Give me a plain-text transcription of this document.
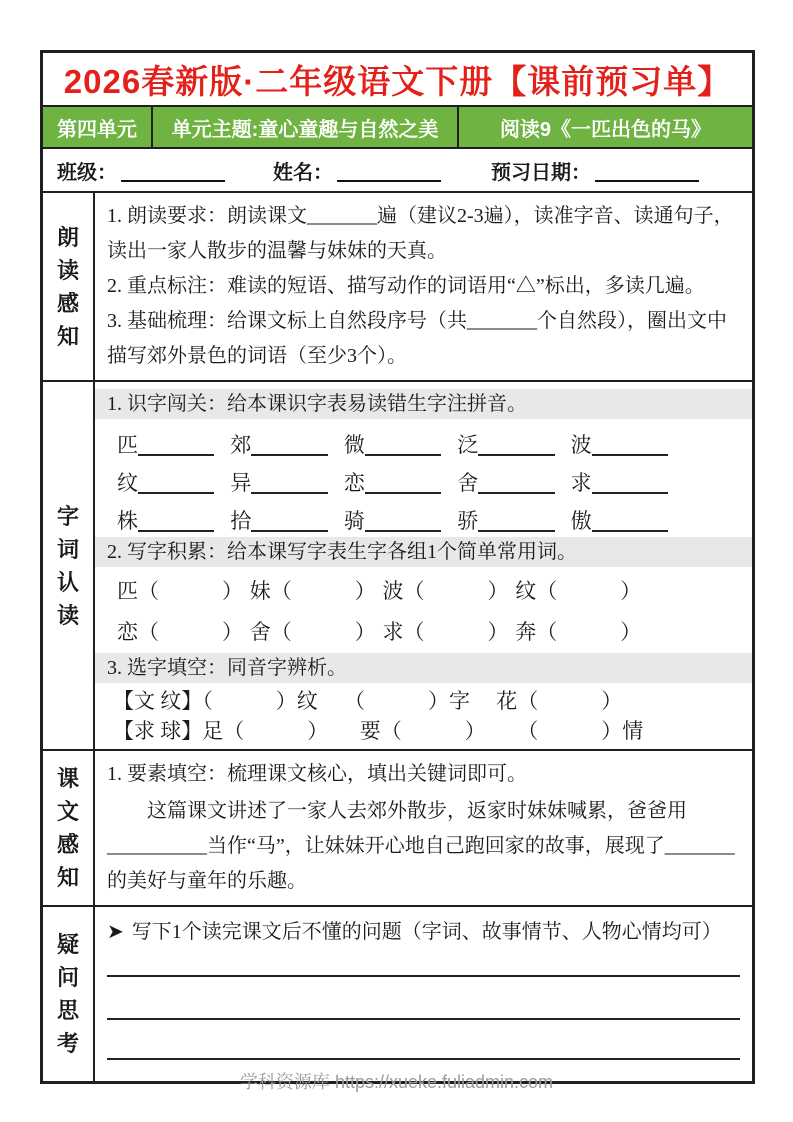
2026春新版·二年级语文下册【课前预习单】
第四单元	单元主题:童心童趣与自然之美	阅读9《一匹出色的马》
班级：	姓名：	预习日期：
朗读感知
1. 朗读要求：朗读课文_______遍（建议2-3遍），读准字音、读通句子，读出一家人散步的温馨与妹妹的天真。
2. 重点标注：难读的短语、描写动作的词语用“△”标出，多读几遍。
3. 基础梳理：给课文标上自然段序号（共_______个自然段），圈出文中描写郊外景色的词语（至少3个）。
字词认读
1. 识字闯关：给本课识字表易读错生字注拼音。
匹	郊	微	泛	波
纹	异	恋	舍	求
株	拾	骑	骄	傲
2. 写字积累：给本课写字表生字各组1个简单常用词。
匹（            ） 妹（            ） 波（            ） 纹（            ）
恋（            ） 舍（            ） 求（            ） 奔（            ）
3. 选字填空：同音字辨析。
【文 纹】（            ）纹     （            ）字     花（            ）
【求 球】足（            ）      要（            ）      （            ）情
课文感知
1. 要素填空：梳理课文核心，填出关键词即可。
这篇课文讲述了一家人去郊外散步，返家时妹妹喊累，爸爸用__________当作“马”，让妹妹开心地自己跑回家的故事，展现了_______的美好与童年的乐趣。
疑问思考
➤ 写下1个读完课文后不懂的问题（字词、故事情节、人物心情均可）
学科资源库 https://xueke.fuliadmin.com
